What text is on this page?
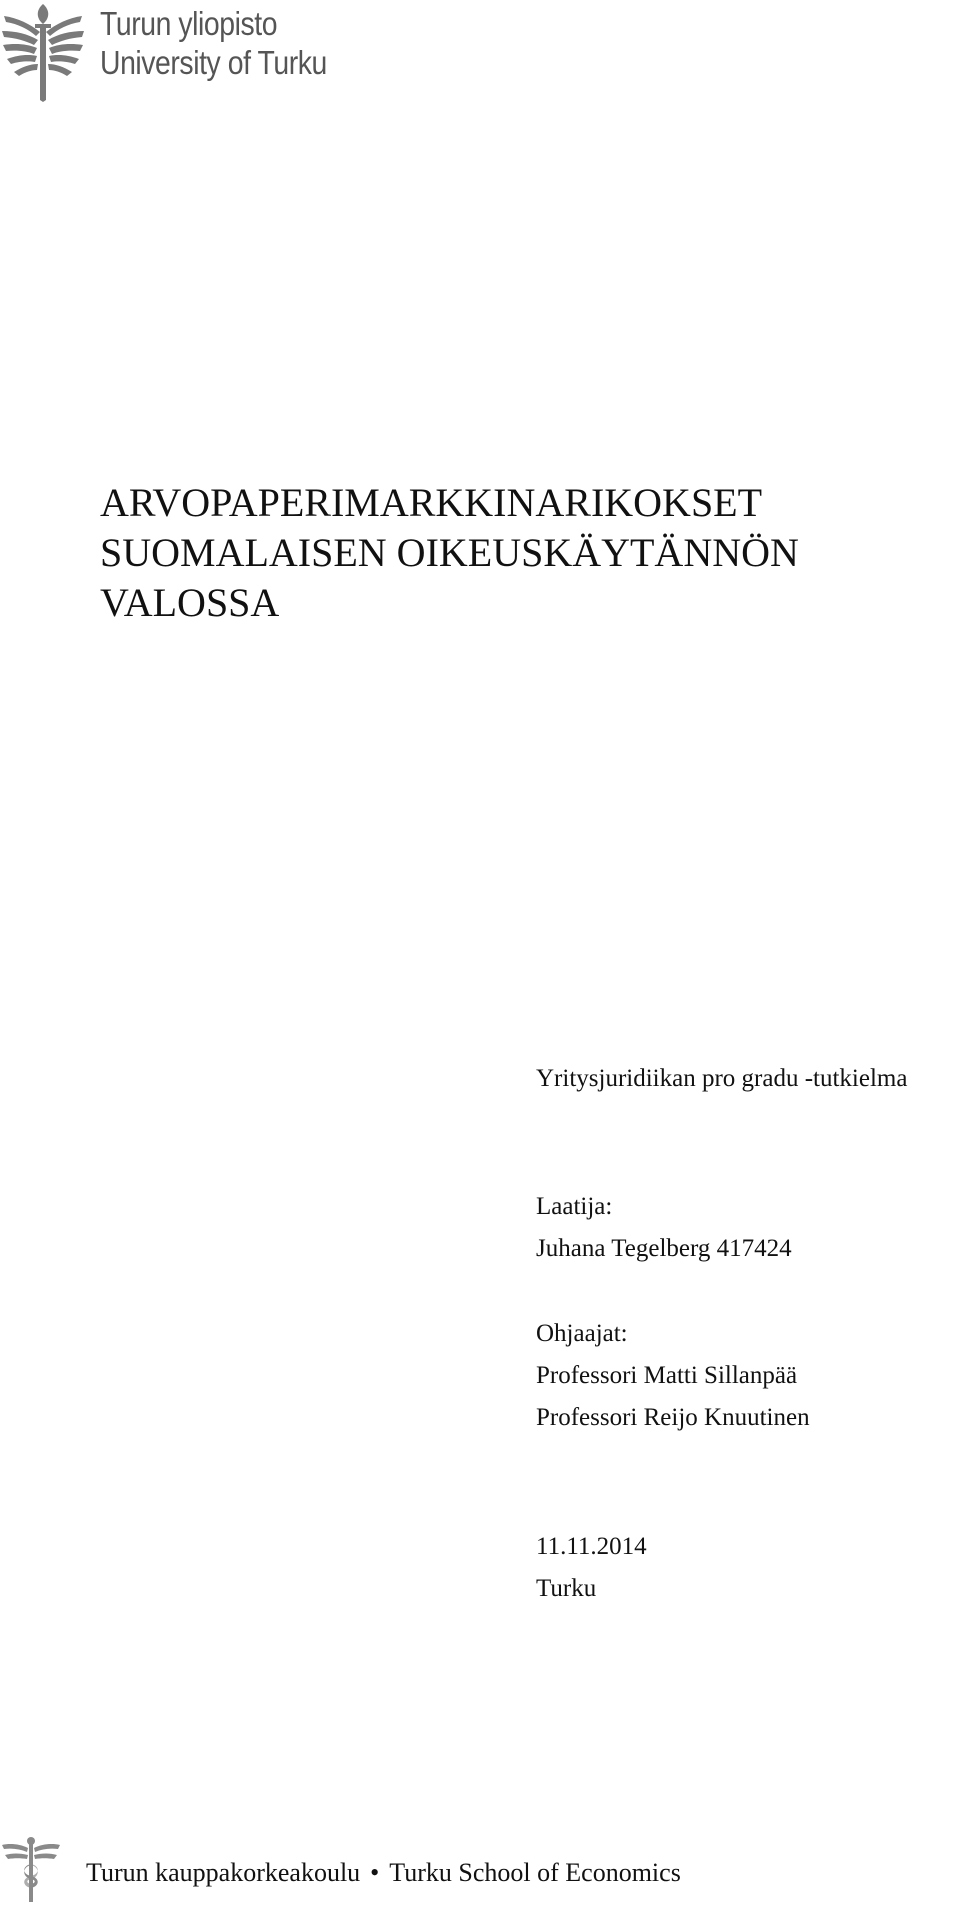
Turun yliopisto
University of Turku
ARVOPAPERIMARKKINARIKOKSET
SUOMALAISEN OIKEUSKÄYTÄNNÖN
VALOSSA
Yritysjuridiikan pro gradu -tutkielma
Laatija:
Juhana Tegelberg 417424
Ohjaajat:
Professori Matti Sillanpää
Professori Reijo Knuutinen
11.11.2014
Turku
Turun kauppakorkeakoulu • Turku School of Economics
